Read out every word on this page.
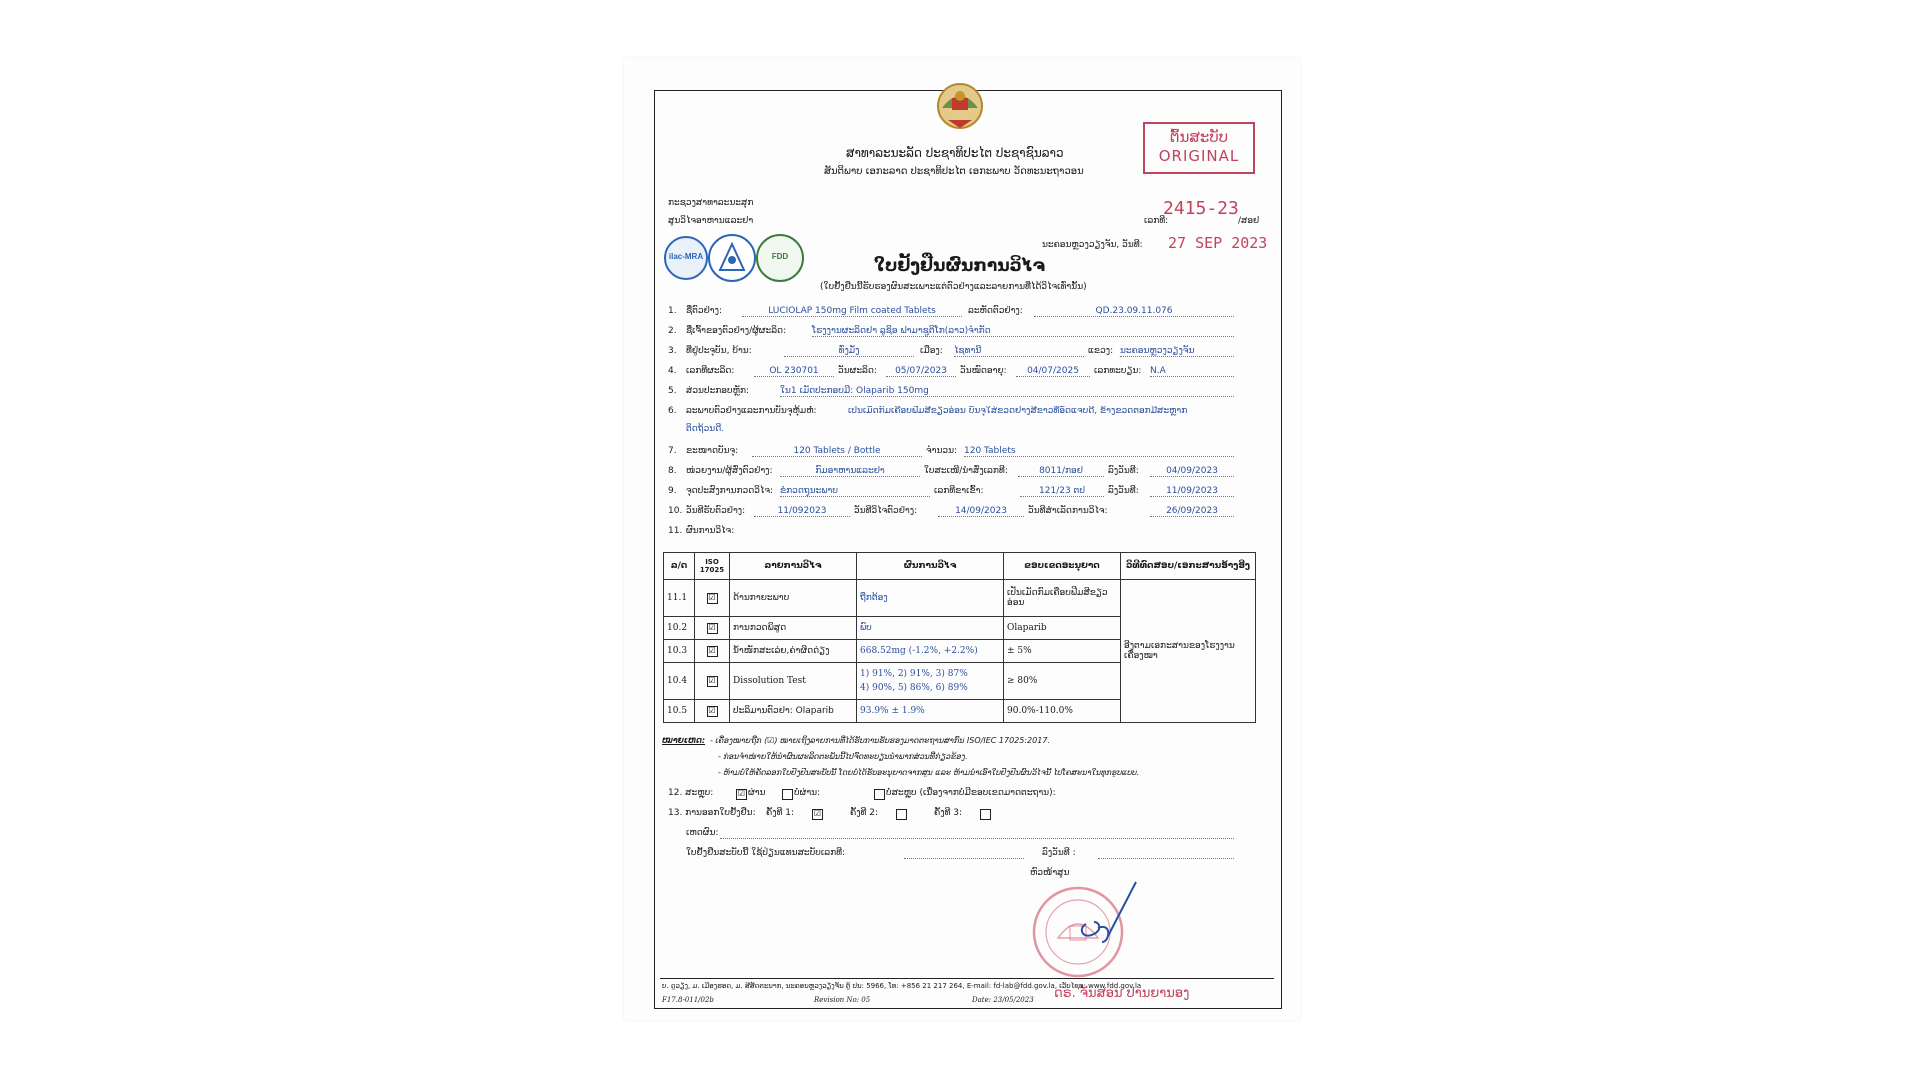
ຕົ້ນສະບັບ
ORIGINAL
ສາທາລະນະລັດ ປະຊາທິປະໄຕ ປະຊາຊົນລາວ
ສັນຕິພາບ ເອກະລາດ ປະຊາທິປະໄຕ ເອກະພາບ ວັດທະນະຖາວອນ
ກະຊວງສາທາລະນະສຸກ
ສູນວິໄຈອາຫານແລະຢາ
2415-23
ເລກທີ:	/ສອຢ
ilac-MRA	FDD
ນະຄອນຫຼວງວຽງຈັນ, ວັນທີ: 27 SEP 2023
ໃບຢັ້ງຢືນຜົນການວິໄຈ
(ໃບຢັ້ງຢືນນີ້ຮັບຮອງຜົນສະເພາະແຕ່ຕົວຢ່າງແລະລາຍການທີ່ໄດ້ວິໄຈເທົ່ານັ້ນ)
1. ຊື່ຕົວຢ່າງ:	LUCIOLAP 150mg Film coated Tablets	ລະຫັດຕົວຢ່າງ:	QD.23.09.11.076
2. ຊື່ເຈົ້າຂອງຕົວຢ່າງ/ຜູ້ຜະລິດ:	ໂຮງງານຜະລິດຢາ ລູຊິອ ຟາມາຊູຕິໂກ(ລາວ)ຈຳກັດ
3. ທີ່ຢູ່ປະຈຸບັນ, ບ້ານ:	ທົ່ງມັ່ງ	ເມືອງ: ໄຊທານີ	ແຂວງ: ນະຄອນຫຼວງວຽງຈັນ
4. ເລກທີຜະລິດ:	OL 230701	ວັນຜະລິດ:	05/07/2023	ວັນໝົດອາຍຸ:	04/07/2025	ເລກທະບຽນ: N.A
5. ສ່ວນປະກອບຫຼັກ:	ໃນ1 ເມັດປະກອບມີ: Olaparib 150mg
6. ລະພາບຕົວຢ່າງແລະການບັນຈຸຫຸ້ມຫໍ່:	ເປັນເມັດກົມເຄືອບຟີມສີຂຽວອ່ອນ ບັນຈຸໃສ່ຂວດຢາງສີຂາວທີ່ອັດແຈບດີ, ຂ້າງຂວດຕອກມີສະຫຼາກ
ຕິດຖ້ວນດີ.
7. ຂະໜາດບັນຈຸ:	120 Tablets / Bottle	ຈຳນວນ: 120 Tablets
8. ໜ່ວຍງານ/ຜູ້ສົ່ງຕົວຢ່າງ:	ກົມອາຫານແລະຢາ	ໃບສະເໜີ/ນຳສົ່ງເລກທີ:	8011/ກອຢ	ລົງວັນທີ:	04/09/2023
9. ຈຸດປະສົງການກວດວິໄຈ: ຂໍກວດຖຸນະພາບ	ເລກທີຂາເຂົ້າ:	121/23 ຕປ	ລົງວັນທີ:	11/09/2023
10. ວັນທີຮັບຕົວຢ່າງ:	11/092023	ວັນທີວິໄຈຕົວຢ່າງ:	14/09/2023	ວັນທີສຳເລັດການວິໄຈ:	26/09/2023
11. ຜົນການວິໄຈ:
ລ/ດ	ISO 17025	ລາຍການວິໄຈ	ຜົນການວິໄຈ	ຂອບເຂດອະນຸຍາດ	ວິທີທົດສອບ/ເອກະສານອ້າງອີງ
11.1	☑	ດ້ານກາຍະພາບ	ຖືກຕ້ອງ	ເປັນເມັດກົມເຄືອບຟີມສີຂຽວອ່ອນ	ອີງຕາມເອກະສານຂອງໂຮງງານເຄື່ອງໝາ
10.2	☑	ການກວດພິສູດ	ພົບ	Olaparib	
10.3	☑	ນ້ຳໜັກສະເລ່ຍ,ຄ່າຜິດດ່ຽງ	668.52mg (-1.2%, +2.2%)	± 5%	
10.4	☑	Dissolution Test	1) 91%, 2) 91%, 3) 87%
4) 90%, 5) 86%, 6) 89%	≥ 80%	
10.5	☑	ປະລິມານຕົວຢາ: Olaparib	93.9% ± 1.9%	90.0%-110.0%	
ໝາຍເຫດ: - ເຄື່ອງໝາຍຖືກ (☑) ໝາຍເຖິງລາຍການທີ່ໄດ້ຮັບການຮັບຮອງມາດຕະຖານສາກົນ ISO/IEC 17025:2017.
- ກ່ອນຈຳໜ່າຍໃຫ້ນຳຜົນຜະລິດຕະພັນນີ້ໄປຈົດທະບຽນນຳພາກສ່ວນທີ່ກ່ຽວຂ້ອງ.
- ຫ້າມບໍ່ໃຫ້ຄັດລອກໃບຢັ້ງຢືນສະບັບນີ້ ໂດຍບໍ່ໄດ້ຮັບອະນຸຍາດຈາກສູນ ແລະ ຫ້າມນຳເອົາໃບຢັ້ງຢືນຜົນວິໄຈນີ້ ໄປໂຄສະນາໃນທຸກຮູບແບບ.
12. ສະຫຼຸບ:	☑ ຜ່ານ	ບໍ່ຜ່ານ:	ບໍ່ສະຫຼຸບ (ເນື່ອງຈາກບໍ່ມີຂອບເຂດມາດຕະຖານ):
13. ການອອກໃບຢັ້ງຢືນ: ຄັ້ງທີ 1: ☑	ຄັ້ງທີ 2:	ຄັ້ງທີ 3:
ເຫດຜົນ:
ໃບຢັ້ງຢືນສະບັບນີ້ ໃຊ້ປ່ຽນແທນສະບັບເລກທີ:	ລົງວັນທີ :
ຫົວໜ້າສູນ
ດຣ. ຈັນສອນ ປານຍານອງ
ບ. ດູວຽງ, ມ. ເມືອງຮອດ, ມ. ສີສັດຕະນາກ, ນະຄອນຫຼວງວຽງຈັນ ຕູ້ ປນ: 5966, ໂທ: +856 21 217 264, E-mail: fd-lab@fdd.gov.la, ເວັບໄຊທ: www.fdd.gov.la
F17.8-011/02b	Revision No: 05	Date: 23/05/2023
